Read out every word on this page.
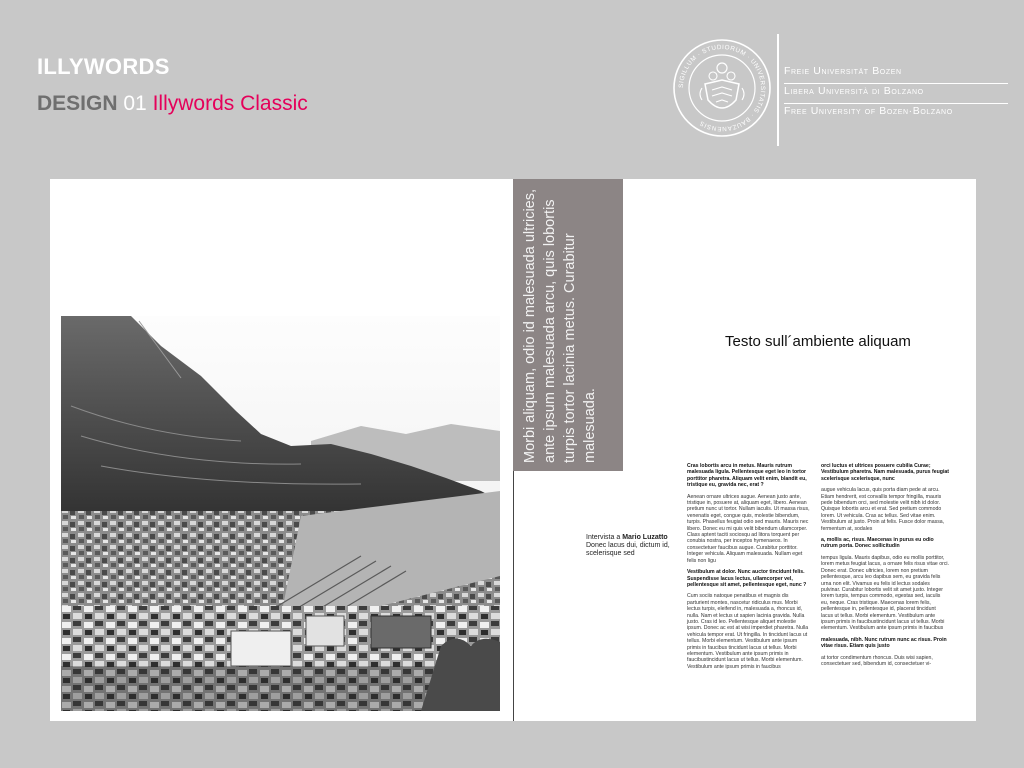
ILLYWORDS
DESIGN 01 Illywords Classic
SIGILLUM · STUDIORUM · UNIVERSITATIS · BAUZANENSIS
Freie Universität Bozen
Libera Università di Bolzano
Free University of Bozen·Bolzano
Morbi aliquam, odio id malesuada ultricies, ante ipsum malesuada arcu, quis lobortis turpis tortor lacinia metus. Curabitur malesuada.
Testo sull´ambiente aliquam
Intervista a Mario Luzatto
Donec lacus dui, dictum id, scelerisque sed

Cras lobortis arcu in metus. Mauris rutrum malesuada ligula. Pellentesque eget leo in tortor porttitor pharetra. Aliquam velit enim, blandit eu, tristique eu, gravida nec, erat ?

Aenean ornare ultrices augue. Aenean justo ante, tristique in, posuere at, aliquam eget, libero. Aenean pretium nunc ut tortor. Nullam iaculis. Ut massa risus, venenatis eget, congue quis, molestie bibendum, turpis. Phasellus feugiat odio sed mauris. Mauris nec libero. Donec eu mi quis velit bibendum ullamcorper. Class aptent taciti sociosqu ad litora torquent per conubia nostra, per inceptos hymenaeos. In consectetuer faucibus augue. Curabitur porttitor. Integer vehicula. Aliquam malesuada. Nullam eget felis non ligu

Vestibulum at dolor. Nunc auctor tincidunt felis. Suspendisse lacus lectus, ullamcorper vel, pellentesque sit amet, pellentesque eget, nunc ?

Cum sociis natoque penatibus et magnis dis parturient montes, nascetur ridiculus mus. Morbi lectus turpis, eleifend in, malesuada a, rhoncus id, nulla. Nam et lectus ut sapien lacinia gravida. Nulla justo. Cras id leo. Pellentesque aliquet molestie ipsum. Donec ac est at wisi imperdiet pharetra. Nulla vehicula tempor erat. Ut fringilla. In tincidunt lacus ut tellus. Morbi elementum. Vestibulum ante ipsum primis in faucibus tincidunt lacus ut tellus. Morbi elementum. Vestibulum ante ipsum primis in faucibustincidunt lacus ut tellus. Morbi elementum. Vestibulum ante ipsum primis in faucibus

orci luctus et ultrices posuere cubilia Curae; Vestibulum pharetra. Nam malesuada, purus feugiat scelerisque scelerisque, nunc

augue vehicula lacus, quis porta diam pede at arcu. Etiam hendrerit, est convallis tempor fringilla, mauris pede bibendum orci, sed molestie velit nibh id dolor. Quisque lobortis arcu et erat. Sed pretium commodo lorem. Ut vehicula. Cras ac tellus. Sed vitae enim. Vestibulum at justo. Proin at felis. Fusce dolor massa, fermentum at, sodales

a, mollis ac, risus. Maecenas in purus eu odio rutrum porta. Donec sollicitudin

tempus ligula. Mauris dapibus, odio eu mollis porttitor, lorem metus feugiat lacus, a ornare felis risus vitae orci. Donec erat. Donec ultricies, lorem non pretium pellentesque, arcu leo dapibus sem, eu gravida felis urna non elit. Vivamus eu felis id lectus sodales pulvinar. Curabitur lobortis velit sit amet justo. Integer lorem turpis, tempus commodo, egestas sed, iaculis eu, neque. Cras tristique. Maecenas lorem felis, pellentesque in, pellentesque id, placerat tincidunt lacus ut tellus. Morbi elementum. Vestibulum ante ipsum primis in faucibustincidunt lacus ut tellus. Morbi elementum. Vestibulum ante ipsum primis in faucibus

malesuada, nibh. Nunc rutrum nunc ac risus. Proin vitae risus. Etiam quis justo

at tortor condimentum rhoncus. Duis wisi sapien, consectetuer sed, bibendum id, consectetuer vi-
